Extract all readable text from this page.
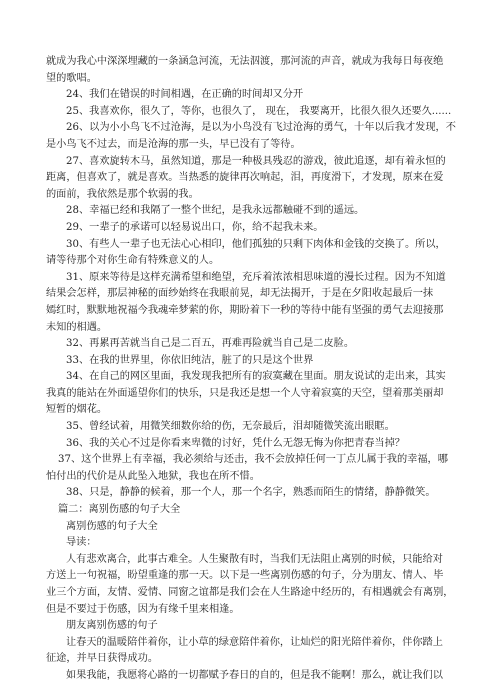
就成为我心中深深埋藏的一条涵急河流，无法泅渡，那河流的声音，就成为我每日每夜绝
望的歌唱。
24、我们在错误的时间相遇，在正确的时间却又分开
25、我喜欢你，很久了，等你，也很久了， 现在， 我要离开，比很久很久还要久......
26、以为小小鸟飞不过沧海，是以为小鸟没有飞过沧海的勇气，十年以后我才发现，不
是小鸟飞不过去，而是沧海的那一头，早已没有了等待。
27、喜欢旋转木马，虽然知道，那是一种极具残忍的游戏，彼此追逐，却有着永恒的
距离，但喜欢了，就是喜欢。当热悉的旋律再次响起，泪，再度滑下，才发现，原来在爱
的面前，我依然是那个软弱的我。
28、幸福已经和我隔了一整个世纪，是我永远都触碰不到的遥远。
29、一辈子的承诺可以轻易说出口，你，给不起我未来。
30、有些人一辈子也无法心心相印，他们孤独的只剩下肉体和金钱的交换了。所以，
请等待那个对你生命有特殊意义的人。
31、原来等待是这样充满希望和绝望，充斥着浓浓相思味道的漫长过程。因为不知道
结果会怎样，那层神秘的面纱始终在我眼前晃，却无法揭开，于是在夕阳收起最后一抹
嫣红时，默默地祝福今我魂牵梦萦的你，期盼着下一秒的等待中能有坚强的勇气去迎接那
未知的相遇。
32、再累再苦就当自己是二百五，再难再险就当自己是二皮脸。
33、在我的世界里，你依旧纯洁，脏了的只是这个世界
34、在自己的网区里面，我发现我把所有的寂寞藏在里面。朋友说试的走出来，其实
我真的能站在外面遥望你们的快乐，只是我还是想一个人守着寂寞的天空，望着那美丽却
短暂的烟花。
35、曾经试着，用微笑细数你给的伤，无奈最后，泪却随微笑流出眼眶。
36、我的关心不过是你看来卑微的讨好，凭什么无怨无悔为你把青春当掉？
37、这个世界上有幸福，我必须给与还击，我不会放掉任何一丁点儿属于我的幸福，哪
怕付出的代价是从此坠入地狱，我也在所不惜。
38、只是，静静的候着，那一个人，那一个名字，熟悉而陌生的情绪，静静微笑。
篇二：离别伤感的句子大全
离别伤感的句子大全
导读：
人有悲欢离合，此事古难全。人生聚散有时，当我们无法阻止离别的时候，只能给对
方送上一句祝福，盼望重逢的那一天。以下是一些离别伤感的句子，分为朋友、情人、毕
业三个方面，友情、爱情、同窗之谊都是我们会在人生路途中经历的，有相遇就会有离别，
但是不要过于伤感，因为有缘千里来相逢。
朋友离别伤感的句子
让春天的温暖陪伴着你，让小草的绿意陪伴着你，让灿烂的阳光陪伴着你，伴你踏上
征途，并早日获得成功。
如果我能，我愿将心路的一切都赋予春日的自的，但是我不能啊！那么，就让我们以
